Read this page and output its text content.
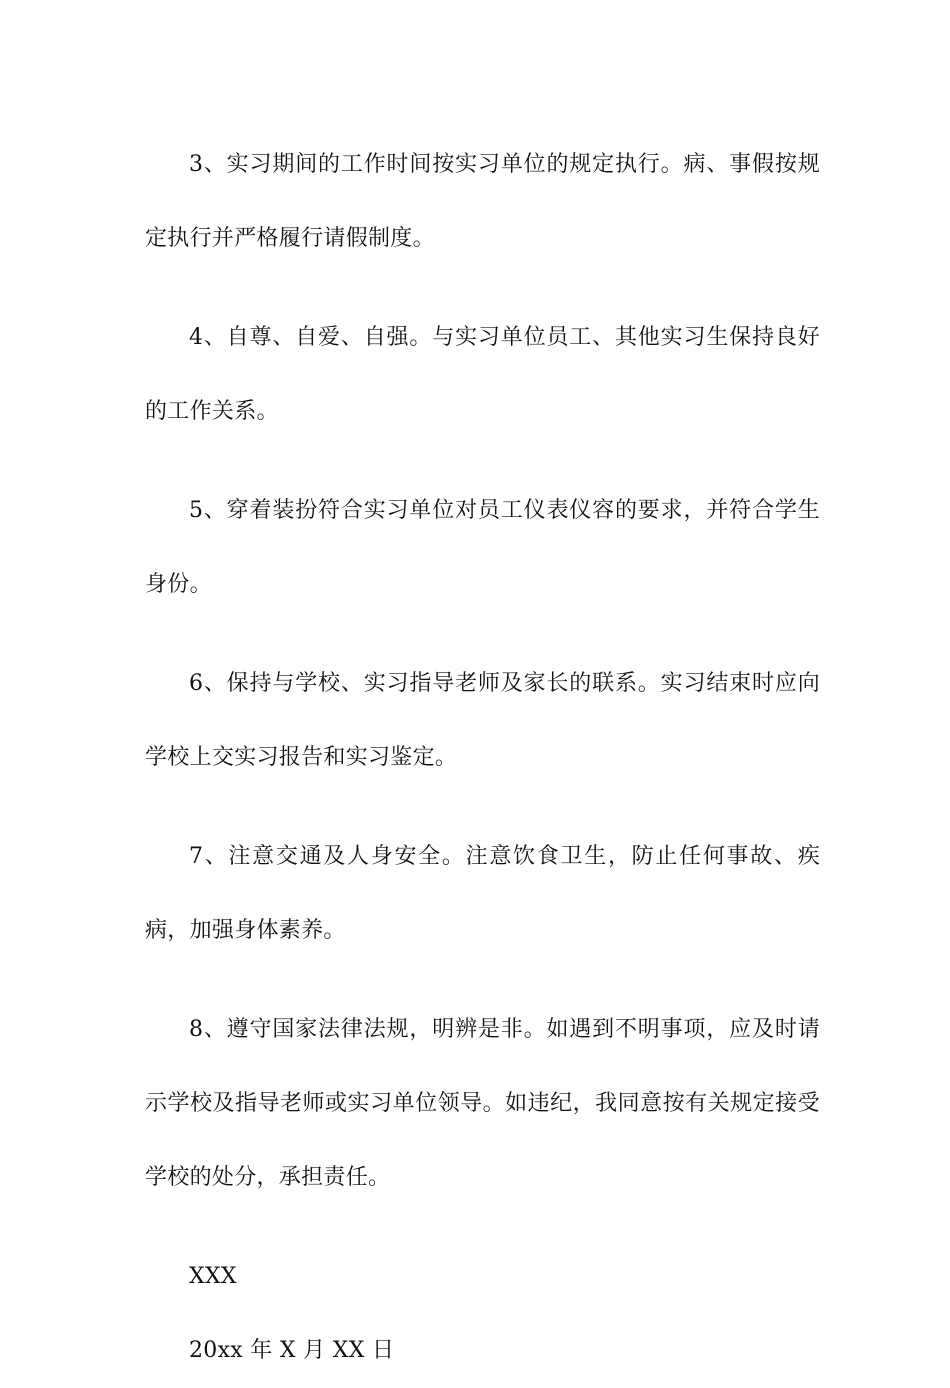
3、实习期间的工作时间按实习单位的规定执行。病、事假按规定执行并严格履行请假制度。

4、自尊、自爱、自强。与实习单位员工、其他实习生保持良好的工作关系。

5、穿着装扮符合实习单位对员工仪表仪容的要求，并符合学生身份。

6、保持与学校、实习指导老师及家长的联系。实习结束时应向学校上交实习报告和实习鉴定。

7、注意交通及人身安全。注意饮食卫生，防止任何事故、疾病，加强身体素养。

8、遵守国家法律法规，明辨是非。如遇到不明事项，应及时请示学校及指导老师或实习单位领导。如违纪，我同意按有关规定接受学校的处分，承担责任。

XXX

20xx 年 X 月 XX 日
